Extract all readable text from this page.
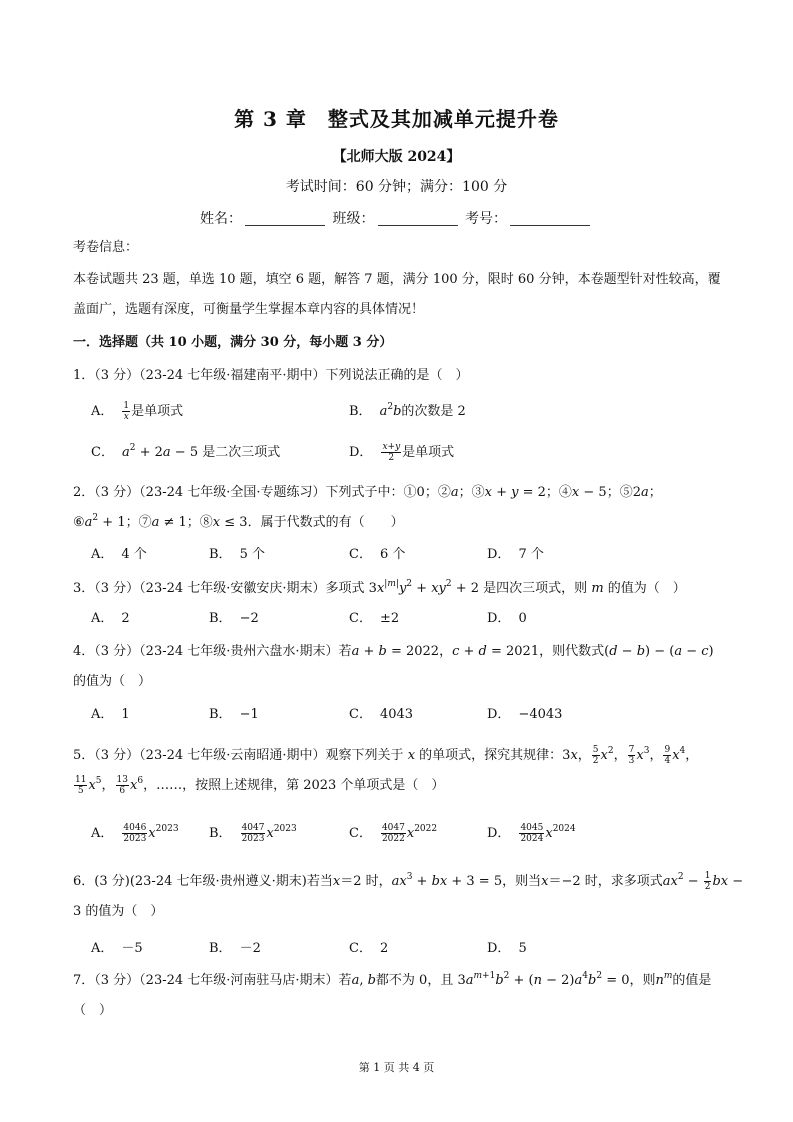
第 3 章　整式及其加减单元提升卷
【北师大版 2024】
考试时间：60 分钟；满分：100 分
姓名：	班级：	考号：
考卷信息：
本卷试题共 23 题，单选 10 题，填空 6 题，解答 7 题，满分 100 分，限时 60 分钟，本卷题型针对性较高，覆盖面广，选题有深度，可衡量学生掌握本章内容的具体情况！
一．选择题（共 10 小题，满分 30 分，每小题 3 分）
1．（3 分）（23-24 七年级·福建南平·期中）下列说法正确的是（　）
A． $\frac{1}{x}$ 是单项式	B． $a^2b$的次数是 2
C． $a^2 + 2a - 5$ 是二次三项式	D． $\frac{x+y}{2}$ 是单项式
2．（3 分）（23-24 七年级·全国·专题练习）下列式子中：①0；②a；③x + y = 2；④x − 5；⑤2a；
$⑥a^2 + 1$；⑦a ≠ 1；⑧x ≤ 3．属于代数式的有（　　）
A． 4 个	B． 5 个	C． 6 个	D． 7 个
3．（3 分）（23-24 七年级·安徽安庆·期末）多项式 $3x^{|m|}y^2 + xy^2 + 2$ 是四次三项式，则 m 的值为（　）
A． 2	B． −2	C． ±2	D． 0
4．（3 分）（23-24 七年级·贵州六盘水·期末）若a + b = 2022，c + d = 2021，则代数式(d − b) − (a − c)
的值为（　）
A． 1	B． −1	C． 4043	D． −4043
5．（3 分）（23-24 七年级·云南昭通·期中）观察下列关于 x 的单项式，探究其规律：3x， $\frac{5}{2} x^2$， $\frac{7}{3} x^3$， $\frac{9}{4} x^4$，
$\frac{11}{5} x^5$， $\frac{13}{6} x^6$，……，按照上述规律，第 2023 个单项式是（　）
A． $\frac{4046}{2023} x^{2023}$ B． $\frac{4047}{2023} x^{2023}$	C． $\frac{4047}{2022} x^{2022}$	D． $\frac{4045}{2024} x^{2024}$
6．(3 分)(23-24 七年级·贵州遵义·期末)若当x＝2 时，$ax^3$ + bx + 3 = 5，则当x＝−2 时，求多项式$ax^2 - \frac{1}{2}$ bx −
3 的值为（　）
A． －5	B． －2	C． 2	D． 5
7．（3 分）（23-24 七年级·河南驻马店·期末）若a, b都不为 0，且 $3a^{m+1}b^2 + (n - 2)a^4b^2 = 0$，则$n^m$的值是
（　）
第 1 页 共 4 页
